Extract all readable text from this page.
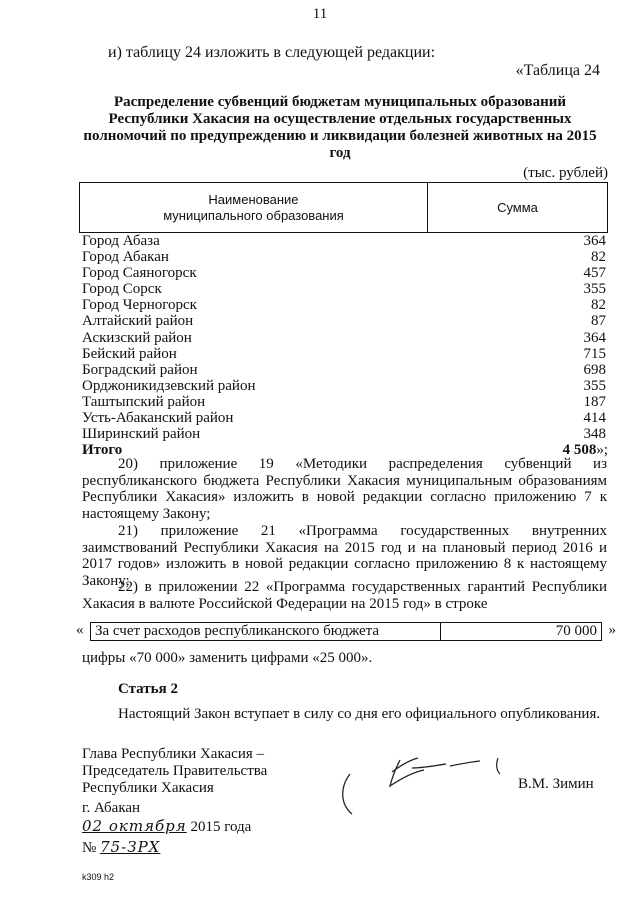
11
и) таблицу 24 изложить в следующей редакции:
«Таблица 24
Распределение субвенций бюджетам муниципальных образований Республики Хакасия на осуществление отдельных государственных полномочий по предупреждению и ликвидации болезней животных на 2015 год
(тыс. рублей)
Наименование
муниципального образования	Сумма
Город Абаза	364
Город Абакан	82
Город Саяногорск	457
Город Сорск	355
Город Черногорск	82
Алтайский район	87
Аскизский район	364
Бейский район	715
Боградский район	698
Орджоникидзевский район	355
Таштыпский район	187
Усть-Абаканский район	414
Ширинский район	348
Итого	4 508»;
20) приложение 19 «Методики распределения субвенций из республиканского бюджета Республики Хакасия муниципальным образованиям Республики Хакасия» изложить в новой редакции согласно приложению 7 к настоящему Закону;
21) приложение 21 «Программа государственных внутренних заимствований Республики Хакасия на 2015 год и на плановый период 2016 и 2017 годов» изложить в новой редакции согласно приложению 8 к настоящему Закону;
22) в приложении 22 «Программа государственных гарантий Республики Хакасия в валюте Российской Федерации на 2015 год» в строке
« За счет расходов республиканского бюджета	70 000 »
цифры «70 000» заменить цифрами «25 000».
Статья 2
Настоящий Закон вступает в силу со дня его официального опубликования.
Глава Республики Хакасия –
Председатель Правительства
Республики Хакасия	В.М. Зимин
г. Абакан
02 октября 2015 года
№ 75-ЗРХ
k309 h2
